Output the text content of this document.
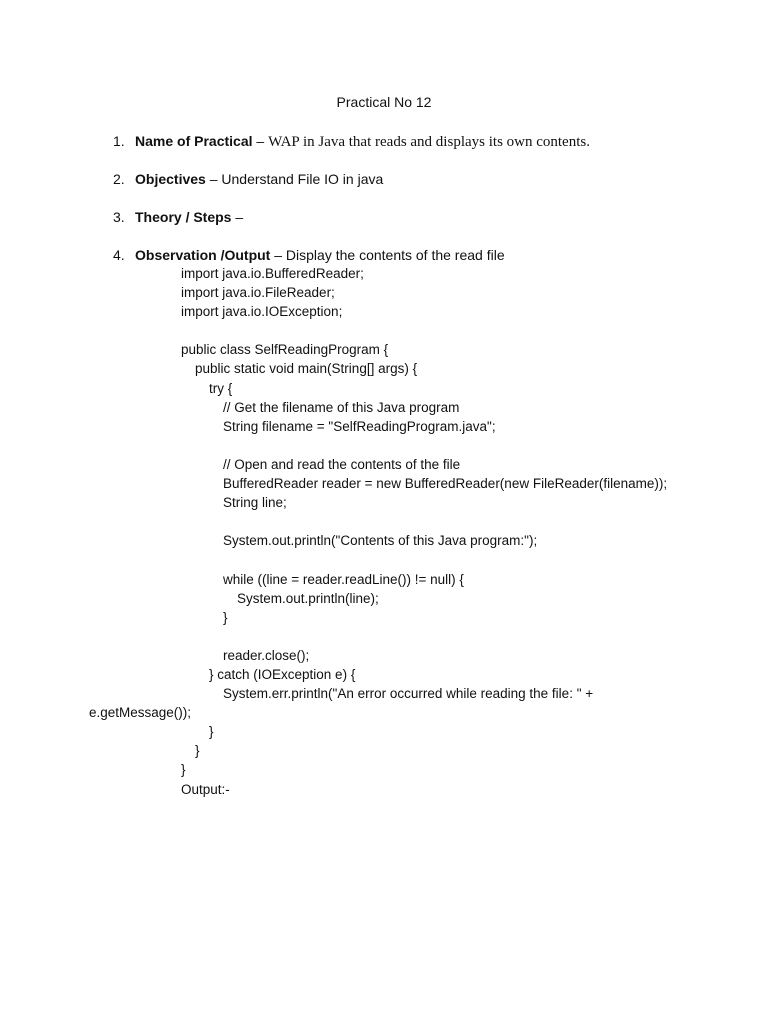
Practical No 12
1. Name of Practical – WAP in Java that reads and displays its own contents.
2. Objectives – Understand File IO in java
3. Theory / Steps –
4. Observation /Output – Display the contents of the read file
import java.io.BufferedReader;
import java.io.FileReader;
import java.io.IOException;
public class SelfReadingProgram {
public static void main(String[] args) {
try {
// Get the filename of this Java program
String filename = "SelfReadingProgram.java";
// Open and read the contents of the file
BufferedReader reader = new BufferedReader(new FileReader(filename));
String line;
System.out.println("Contents of this Java program:");
while ((line = reader.readLine()) != null) {
System.out.println(line);
}
reader.close();
} catch (IOException e) {
System.err.println("An error occurred while reading the file: " +
e.getMessage());
}
}
}
Output:-
